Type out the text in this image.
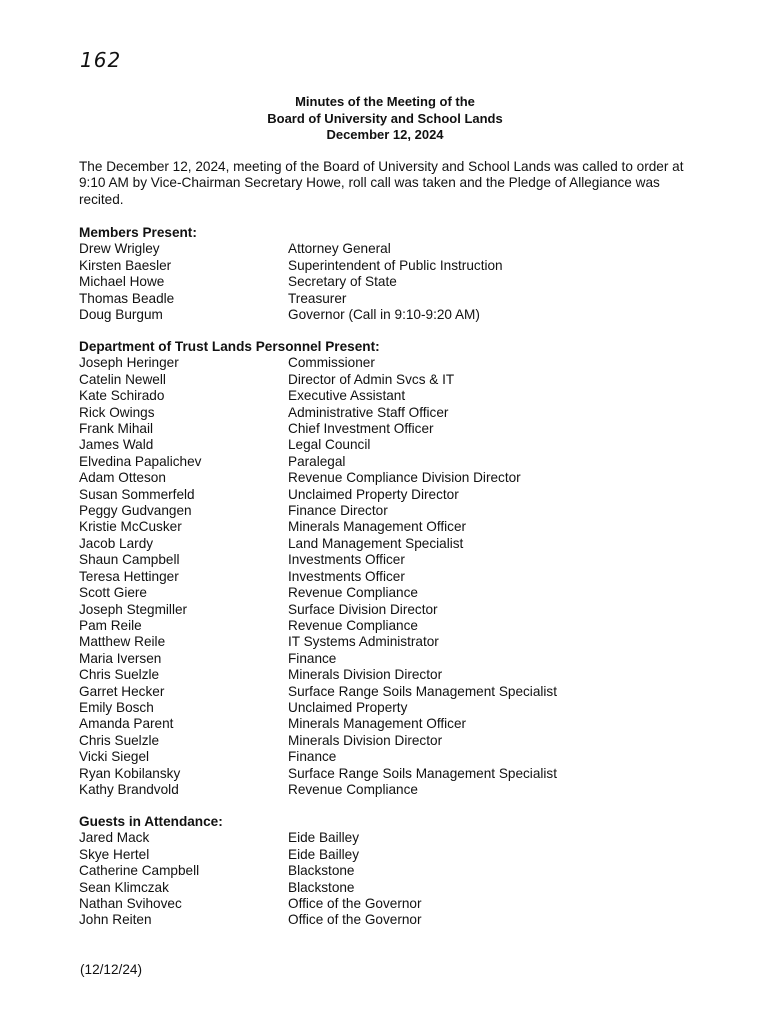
162
Minutes of the Meeting of the
Board of University and School Lands
December 12, 2024

The December 12, 2024, meeting of the Board of University and School Lands was called to order at 9:10 AM by Vice-Chairman Secretary Howe, roll call was taken and the Pledge of Allegiance was recited.

Members Present:
Drew Wrigley	Attorney General
Kirsten Baesler	Superintendent of Public Instruction
Michael Howe	Secretary of State
Thomas Beadle	Treasurer
Doug Burgum	Governor (Call in 9:10-9:20 AM)
Department of Trust Lands Personnel Present:
Joseph Heringer	Commissioner
Catelin Newell	Director of Admin Svcs & IT
Kate Schirado	Executive Assistant
Rick Owings	Administrative Staff Officer
Frank Mihail	Chief Investment Officer
James Wald	Legal Council
Elvedina Papalichev	Paralegal
Adam Otteson	Revenue Compliance Division Director
Susan Sommerfeld	Unclaimed Property Director
Peggy Gudvangen	Finance Director
Kristie McCusker	Minerals Management Officer
Jacob Lardy	Land Management Specialist
Shaun Campbell	Investments Officer
Teresa Hettinger	Investments Officer
Scott Giere	Revenue Compliance
Joseph Stegmiller	Surface Division Director
Pam Reile	Revenue Compliance
Matthew Reile	IT Systems Administrator
Maria Iversen	Finance
Chris Suelzle	Minerals Division Director
Garret Hecker	Surface Range Soils Management Specialist
Emily Bosch	Unclaimed Property
Amanda Parent	Minerals Management Officer
Chris Suelzle	Minerals Division Director
Vicki Siegel	Finance
Ryan Kobilansky	Surface Range Soils Management Specialist
Kathy Brandvold	Revenue Compliance
Guests in Attendance:
Jared Mack	Eide Bailley
Skye Hertel	Eide Bailley
Catherine Campbell	Blackstone
Sean Klimczak	Blackstone
Nathan Svihovec	Office of the Governor
John Reiten	Office of the Governor
(12/12/24)
